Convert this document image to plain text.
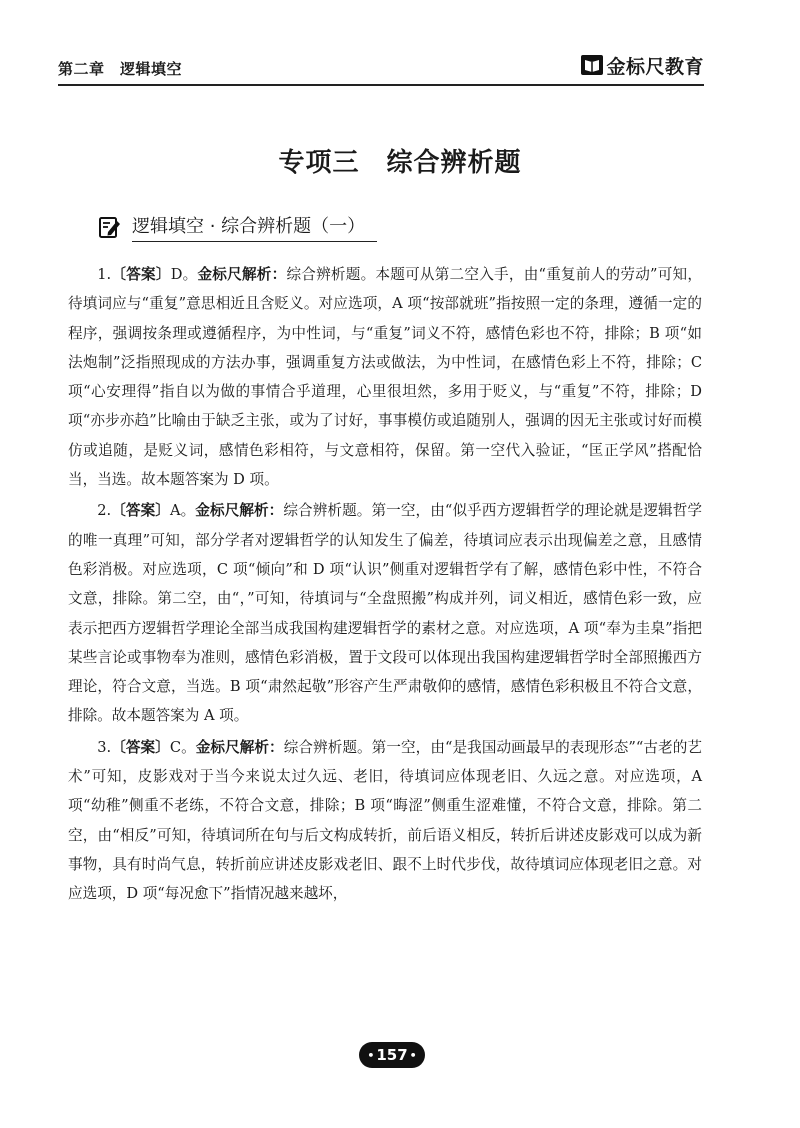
第二章　逻辑填空	金标尺教育
专项三　综合辨析题
逻辑填空 · 综合辨析题（一）

1.〔答案〕D。金标尺解析：综合辨析题。本题可从第二空入手，由“重复前人的劳动”可知，待填词应与“重复”意思相近且含贬义。对应选项，A 项“按部就班”指按照一定的条理，遵循一定的程序，强调按条理或遵循程序，为中性词，与“重复”词义不符，感情色彩也不符，排除；B 项“如法炮制”泛指照现成的方法办事，强调重复方法或做法，为中性词，在感情色彩上不符，排除；C 项“心安理得”指自以为做的事情合乎道理，心里很坦然，多用于贬义，与“重复”不符，排除；D 项“亦步亦趋”比喻由于缺乏主张，或为了讨好，事事模仿或追随别人，强调的因无主张或讨好而模仿或追随，是贬义词，感情色彩相符，与文意相符，保留。第一空代入验证，“匡正学风”搭配恰当，当选。故本题答案为 D 项。

2.〔答案〕A。金标尺解析：综合辨析题。第一空，由“似乎西方逻辑哲学的理论就是逻辑哲学的唯一真理”可知，部分学者对逻辑哲学的认知发生了偏差，待填词应表示出现偏差之意，且感情色彩消极。对应选项，C 项“倾向”和 D 项“认识”侧重对逻辑哲学有了解，感情色彩中性，不符合文意，排除。第二空，由“，”可知，待填词与“全盘照搬”构成并列，词义相近，感情色彩一致，应表示把西方逻辑哲学理论全部当成我国构建逻辑哲学的素材之意。对应选项，A 项“奉为圭臬”指把某些言论或事物奉为准则，感情色彩消极，置于文段可以体现出我国构建逻辑哲学时全部照搬西方理论，符合文意，当选。B 项“肃然起敬”形容产生严肃敬仰的感情，感情色彩积极且不符合文意，排除。故本题答案为 A 项。

3.〔答案〕C。金标尺解析：综合辨析题。第一空，由“是我国动画最早的表现形态”“古老的艺术”可知，皮影戏对于当今来说太过久远、老旧，待填词应体现老旧、久远之意。对应选项，A 项“幼稚”侧重不老练，不符合文意，排除；B 项“晦涩”侧重生涩难懂，不符合文意，排除。第二空，由“相反”可知，待填词所在句与后文构成转折，前后语义相反，转折后讲述皮影戏可以成为新事物，具有时尚气息，转折前应讲述皮影戏老旧、跟不上时代步伐，故待填词应体现老旧之意。对应选项，D 项“每况愈下”指情况越来越坏，

• 157 •
